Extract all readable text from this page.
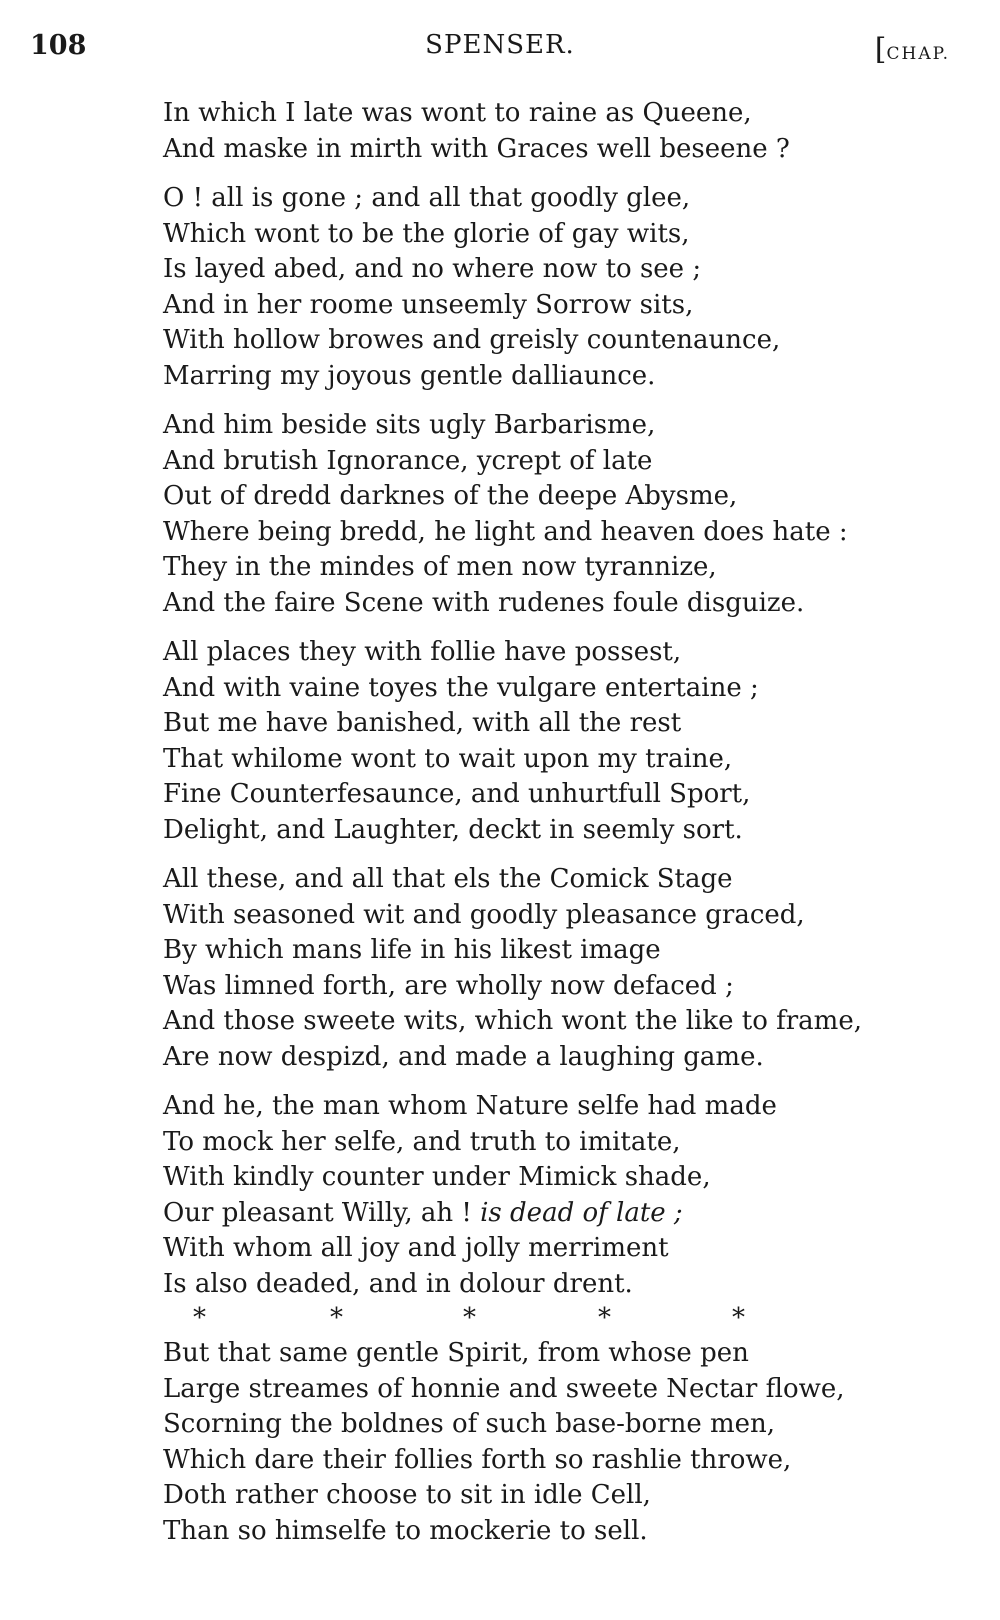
108	SPENSER.	[CHAP.
In which I late was wont to raine as Queene,
And maske in mirth with Graces well beseene ?
O ! all is gone ; and all that goodly glee,
Which wont to be the glorie of gay wits,
Is layed abed, and no where now to see ;
And in her roome unseemly Sorrow sits,
With hollow browes and greisly countenaunce,
Marring my joyous gentle dalliaunce.
And him beside sits ugly Barbarisme,
And brutish Ignorance, ycrept of late
Out of dredd darknes of the deepe Abysme,
Where being bredd, he light and heaven does hate :
They in the mindes of men now tyrannize,
And the faire Scene with rudenes foule disguize.
All places they with follie have possest,
And with vaine toyes the vulgare entertaine ;
But me have banished, with all the rest
That whilome wont to wait upon my traine,
Fine Counterfesaunce, and unhurtfull Sport,
Delight, and Laughter, deckt in seemly sort.
All these, and all that els the Comick Stage
With seasoned wit and goodly pleasance graced,
By which mans life in his likest image
Was limned forth, are wholly now defaced ;
And those sweete wits, which wont the like to frame,
Are now despizd, and made a laughing game.
And he, the man whom Nature selfe had made
To mock her selfe, and truth to imitate,
With kindly counter under Mimick shade,
Our pleasant Willy, ah ! is dead of late ;
With whom all joy and jolly merriment
Is also deaded, and in dolour drent.
*	*	*	*	*
But that same gentle Spirit, from whose pen
Large streames of honnie and sweete Nectar flowe,
Scorning the boldnes of such base-borne men,
Which dare their follies forth so rashlie throwe,
Doth rather choose to sit in idle Cell,
Than so himselfe to mockerie to sell.
